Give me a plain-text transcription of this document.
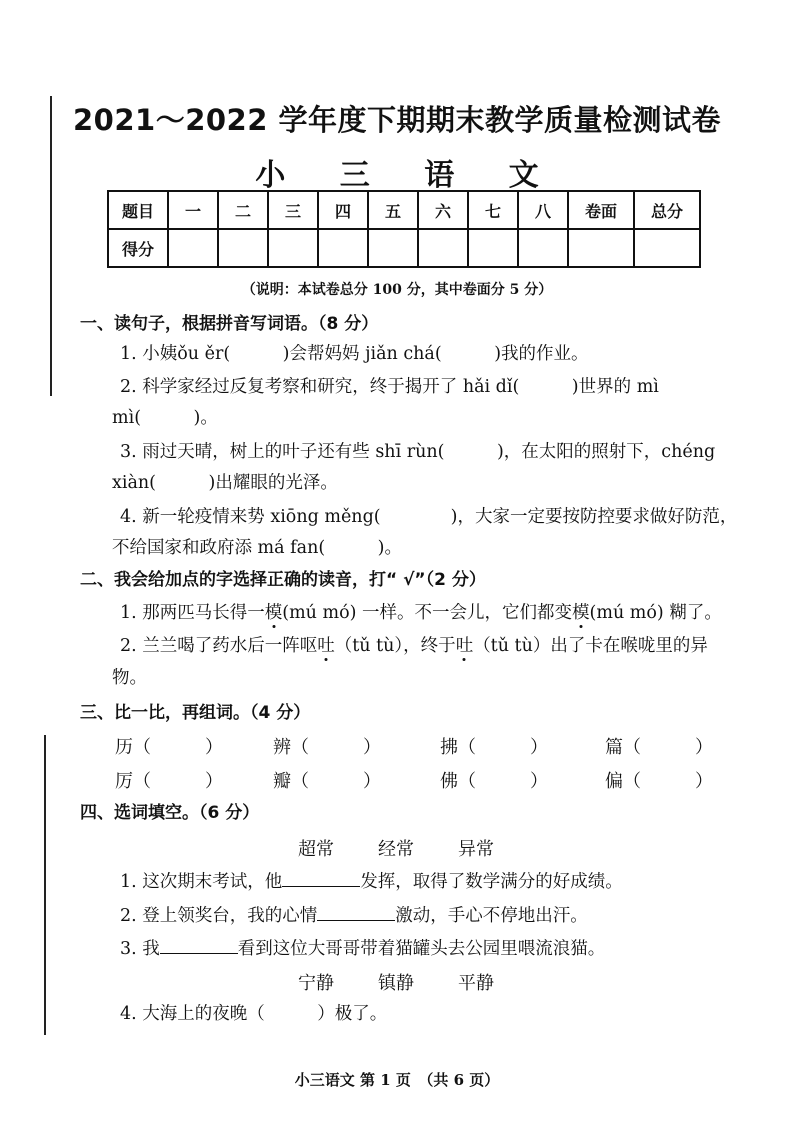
2021～2022 学年度下期期末教学质量检测试卷
小 三 语 文
题目	一	二	三	四	五	六	七	八	卷面	总分
得分										
（说明：本试卷总分 100 分，其中卷面分 5 分）
一、读句子，根据拼音写词语。（8 分）
1. 小姨ǒu ěr(　　　)会帮妈妈 jiǎn chá(　　　)我的作业。
2. 科学家经过反复考察和研究，终于揭开了 hǎi dǐ(　　　)世界的 mì
mì(　　　)。
3. 雨过天晴，树上的叶子还有些 shī rùn(　　　)，在太阳的照射下，chéng
xiàn(　　　)出耀眼的光泽。
4. 新一轮疫情来势 xiōng měng(　　　　)，大家一定要按防控要求做好防范，
不给国家和政府添 má fan(　　　)。
二、我会给加点的字选择正确的读音，打“ √”（2 分）
1. 那两匹马长得一模(mú mó) 一样。不一会儿，它们都变模(mú mó) 糊了。
2. 兰兰喝了药水后一阵呕吐（tǔ tù），终于吐（tǔ tù）出了卡在喉咙里的异
物。
三、比一比，再组词。（4 分）
历（　　　）	辨（　　　）	拂（　　　）	篇（　　　）
厉（　　　）	瓣（　　　）	佛（　　　）	偏（　　　）
四、选词填空。（6 分）
超常 经常 异常
1. 这次期末考试，他	发挥，取得了数学满分的好成绩。
2. 登上领奖台，我的心情	激动，手心不停地出汗。
3. 我	看到这位大哥哥带着猫罐头去公园里喂流浪猫。
宁静 镇静 平静
4. 大海上的夜晚（　　　）极了。
小三语文 第 1 页　（共 6 页）
